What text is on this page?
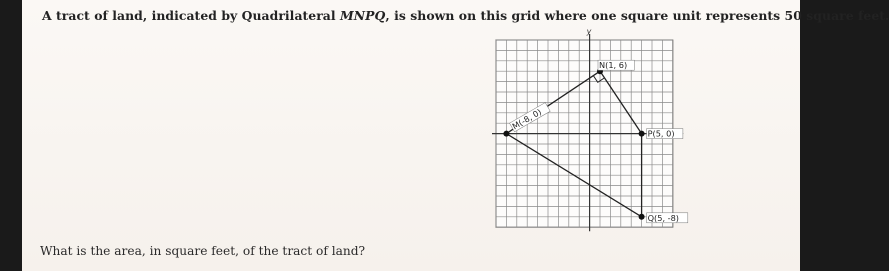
A tract of land, indicated by Quadrilateral MNPQ, is shown on this grid where one square unit represents 50 square feet.
y
M(-8, 0)
N(1, 6)
P(5, 0)
Q(5, -8)
What is the area, in square feet, of the tract of land?
